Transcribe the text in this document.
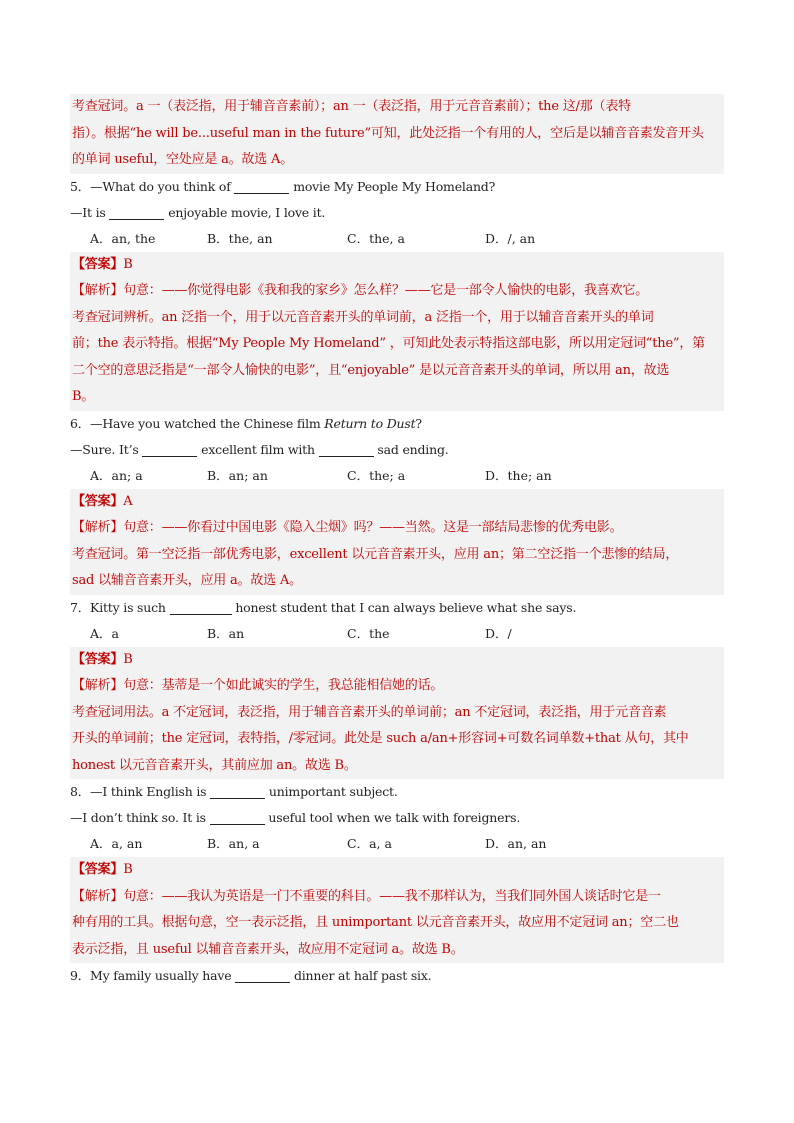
考查冠词。a 一（表泛指，用于辅音音素前）；an 一（表泛指，用于元音音素前）；the 这/那（表特
指）。根据“he will be...useful man in the future”可知，此处泛指一个有用的人，空后是以辅音音素发音开头
的单词 useful，空处应是 a。故选 A。
5．—What do you think of	movie My People My Homeland?
—It is	enjoyable movie, I love it.
A．an, the	B．the, an	C．the, a	D．/, an
【答案】B
【解析】句意：——你觉得电影《我和我的家乡》怎么样？——它是一部令人愉快的电影，我喜欢它。
考查冠词辨析。an 泛指一个，用于以元音音素开头的单词前，a 泛指一个，用于以辅音音素开头的单词
前；the 表示特指。根据“My People My Homeland” ，可知此处表示特指这部电影，所以用定冠词“the”，第
二个空的意思泛指是“一部令人愉快的电影”，且“enjoyable” 是以元音音素开头的单词，所以用 an，故选
B。
6．—Have you watched the Chinese film Return to Dust?
—Sure. It’s	excellent film with	sad ending.
A．an; a	B．an; an	C．the; a	D．the; an
【答案】A
【解析】句意：——你看过中国电影《隐入尘烟》吗？——当然。这是一部结局悲惨的优秀电影。
考查冠词。第一空泛指一部优秀电影，excellent 以元音音素开头，应用 an；第二空泛指一个悲惨的结局，
sad 以辅音音素开头，应用 a。故选 A。
7．Kitty is such	honest student that I can always believe what she says.
A．a	B．an	C．the	D．/
【答案】B
【解析】句意：基蒂是一个如此诚实的学生，我总能相信她的话。
考查冠词用法。a 不定冠词，表泛指，用于辅音音素开头的单词前；an 不定冠词，表泛指，用于元音音素
开头的单词前；the 定冠词，表特指，/零冠词。此处是 such a/an+形容词+可数名词单数+that 从句，其中
honest 以元音音素开头，其前应加 an。故选 B。
8．—I think English is	unimportant subject.
—I don’t think so. It is	useful tool when we talk with foreigners.
A．a, an	B．an, a	C．a, a	D．an, an
【答案】B
【解析】句意：——我认为英语是一门不重要的科目。——我不那样认为，当我们同外国人谈话时它是一
种有用的工具。根据句意，空一表示泛指，且 unimportant 以元音音素开头，故应用不定冠词 an；空二也
表示泛指，且 useful 以辅音音素开头，故应用不定冠词 a。故选 B。
9．My family usually have	dinner at half past six.
